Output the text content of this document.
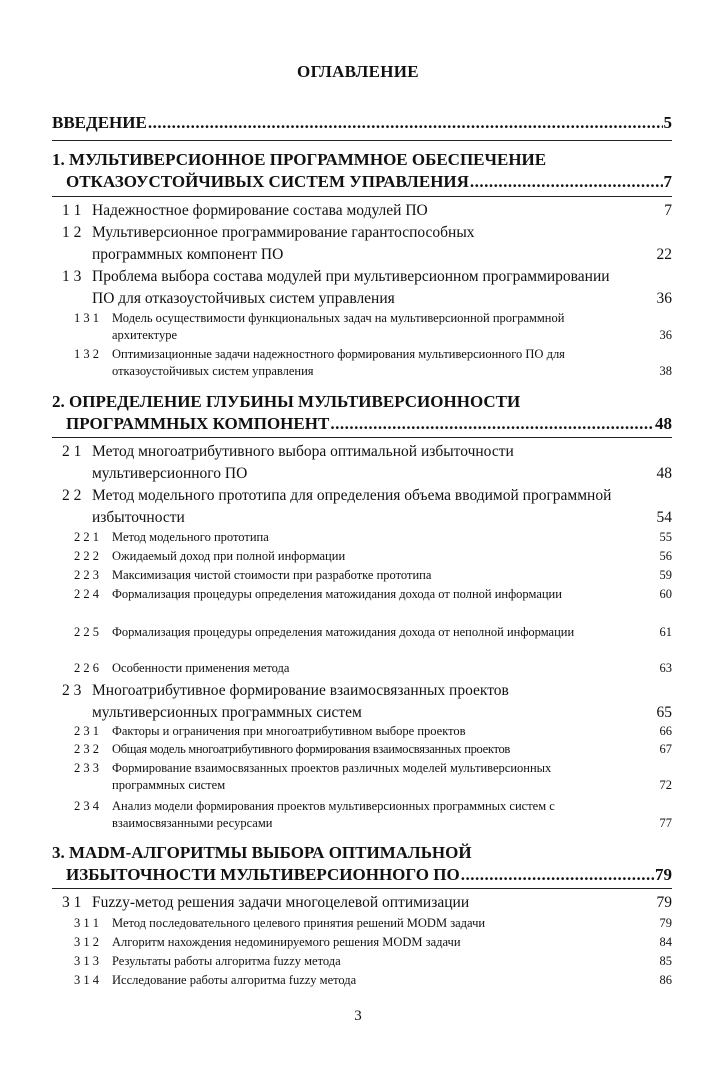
ОГЛАВЛЕНИЕ
ВВЕДЕНИЕ .....	5
1. МУЛЬТИВЕРСИОННОЕ ПРОГРАММНОЕ ОБЕСПЕЧЕНИЕ
ОТКАЗОУСТОЙЧИВЫХ СИСТЕМ УПРАВЛЕНИЯ .....	7
1 1 Надежностное формирование состава модулей ПО	7
1 2 Мультиверсионное программирование гарантоспособных программных компонент ПО	22
1 3 Проблема выбора состава модулей при мультиверсионном программировании ПО для отказоустойчивых систем управления	36
1 3 1	Модель осуществимости функциональных задач на мультиверсионной программной архитектуре	36
1 3 2	Оптимизационные задачи надежностного формирования мультиверсионного ПО для отказоустойчивых систем управления	38
2. ОПРЕДЕЛЕНИЕ ГЛУБИНЫ МУЛЬТИВЕРСИОННОСТИ
ПРОГРАММНЫХ КОМПОНЕНТ .....	48
2 1 Метод многоатрибутивного выбора оптимальной избыточности мультиверсионного ПО	48
2 2 Метод модельного прототипа для определения объема вводимой программной избыточности	54
2 2 1	Метод модельного прототипа	55
2 2 2	Ожидаемый доход при полной информации	56
2 2 3	Максимизация чистой стоимости при разработке прототипа	59
2 2 4	Формализация процедуры определения матожидания дохода от полной информации	60
2 2 5	Формализация процедуры определения матожидания дохода от неполной информации	61
2 2 6	Особенности применения метода	63
2 3 Многоатрибутивное формирование взаимосвязанных проектов мультиверсионных программных систем	65
2 3 1	Факторы и ограничения при многоатрибутивном выборе проектов	66
2 3 2	Общая модель многоатрибутивного формирования взаимосвязанных проектов	67
2 3 3	Формирование взаимосвязанных проектов различных моделей мультиверсионных программных систем	72
2 3 4	Анализ модели формирования проектов мультиверсионных программных систем с взаимосвязанными ресурсами	77
3. MADM-АЛГОРИТМЫ ВЫБОРА ОПТИМАЛЬНОЙ
ИЗБЫТОЧНОСТИ МУЛЬТИВЕРСИОННОГО ПО .....	79
3 1 Fuzzy-метод решения задачи многоцелевой оптимизации	79
3 1 1	Метод последовательного целевого принятия решений MODM задачи	79
3 1 2	Алгоритм нахождения недоминируемого решения MODM задачи	84
3 1 3	Результаты работы алгоритма fuzzy метода	85
3 1 4	Исследование работы алгоритма fuzzy метода	86
3
